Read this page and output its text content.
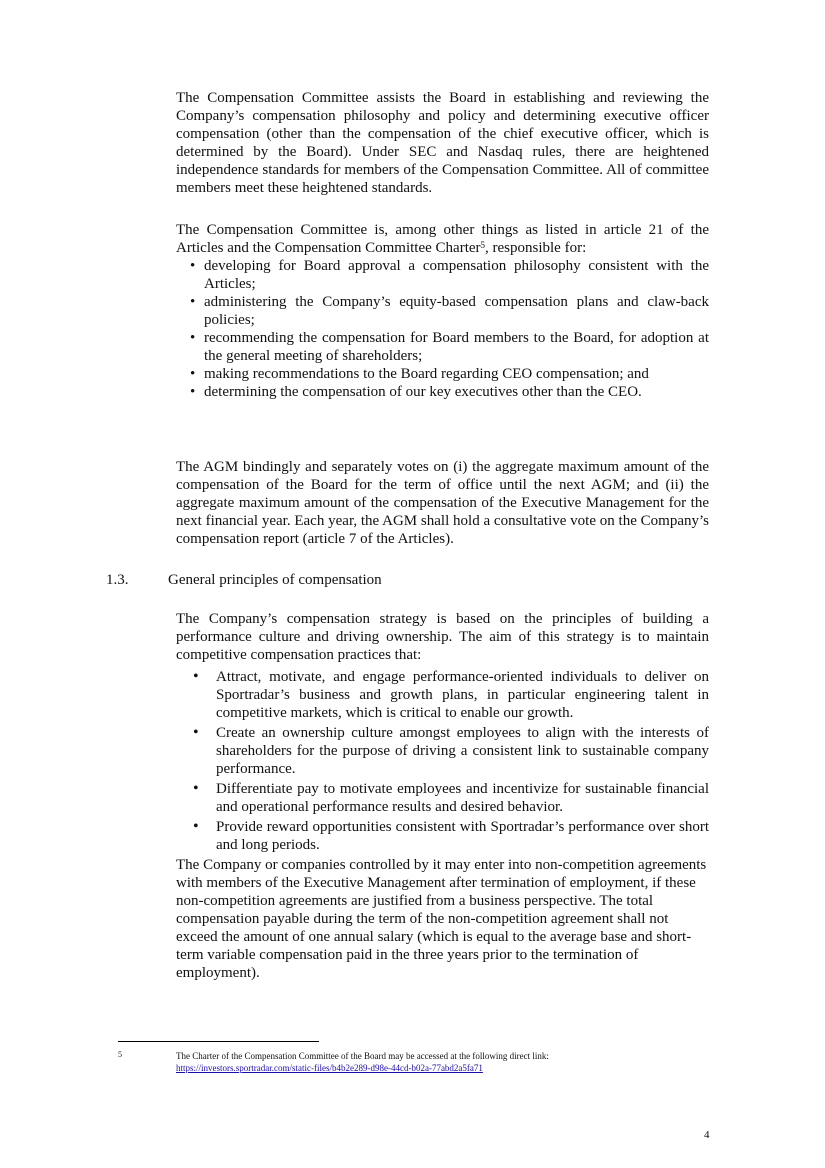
The Compensation Committee assists the Board in establishing and reviewing the Company’s compensation philosophy and policy and determining executive officer compensation (other than the compensation of the chief executive officer, which is determined by the Board). Under SEC and Nasdaq rules, there are heightened independence standards for members of the Compensation Committee. All of committee members meet these heightened standards.

The Compensation Committee is, among other things as listed in article 21 of the Articles and the Compensation Committee Charter$^5$, responsible for:

• developing for Board approval a compensation philosophy consistent with the Articles;
• administering the Company’s equity-based compensation plans and claw-back policies;
• recommending the compensation for Board members to the Board, for adoption at the general meeting of shareholders;
• making recommendations to the Board regarding CEO compensation; and
• determining the compensation of our key executives other than the CEO.

The AGM bindingly and separately votes on (i) the aggregate maximum amount of the compensation of the Board for the term of office until the next AGM; and (ii) the aggregate maximum amount of the compensation of the Executive Management for the next financial year. Each year, the AGM shall hold a consultative vote on the Company’s compensation report (article 7 of the Articles).

1.3.	General principles of compensation

The Company’s compensation strategy is based on the principles of building a performance culture and driving ownership. The aim of this strategy is to maintain competitive compensation practices that:

• Attract, motivate, and engage performance-oriented individuals to deliver on Sportradar’s business and growth plans, in particular engineering talent in competitive markets, which is critical to enable our growth.
• Create an ownership culture amongst employees to align with the interests of shareholders for the purpose of driving a consistent link to sustainable company performance.
• Differentiate pay to motivate employees and incentivize for sustainable financial and operational performance results and desired behavior.
• Provide reward opportunities consistent with Sportradar’s performance over short and long periods.

The Company or companies controlled by it may enter into non-competition agreements with members of the Executive Management after termination of employment, if these non-competition agreements are justified from a business perspective. The total compensation payable during the term of the non-competition agreement shall not exceed the amount of one annual salary (which is equal to the average base and short-term variable compensation paid in the three years prior to the termination of employment).

5	The Charter of the Compensation Committee of the Board may be accessed at the following direct link:
https://investors.sportradar.com/static-files/b4b2e289-d98e-44cd-b02a-77abd2a5fa71
4
